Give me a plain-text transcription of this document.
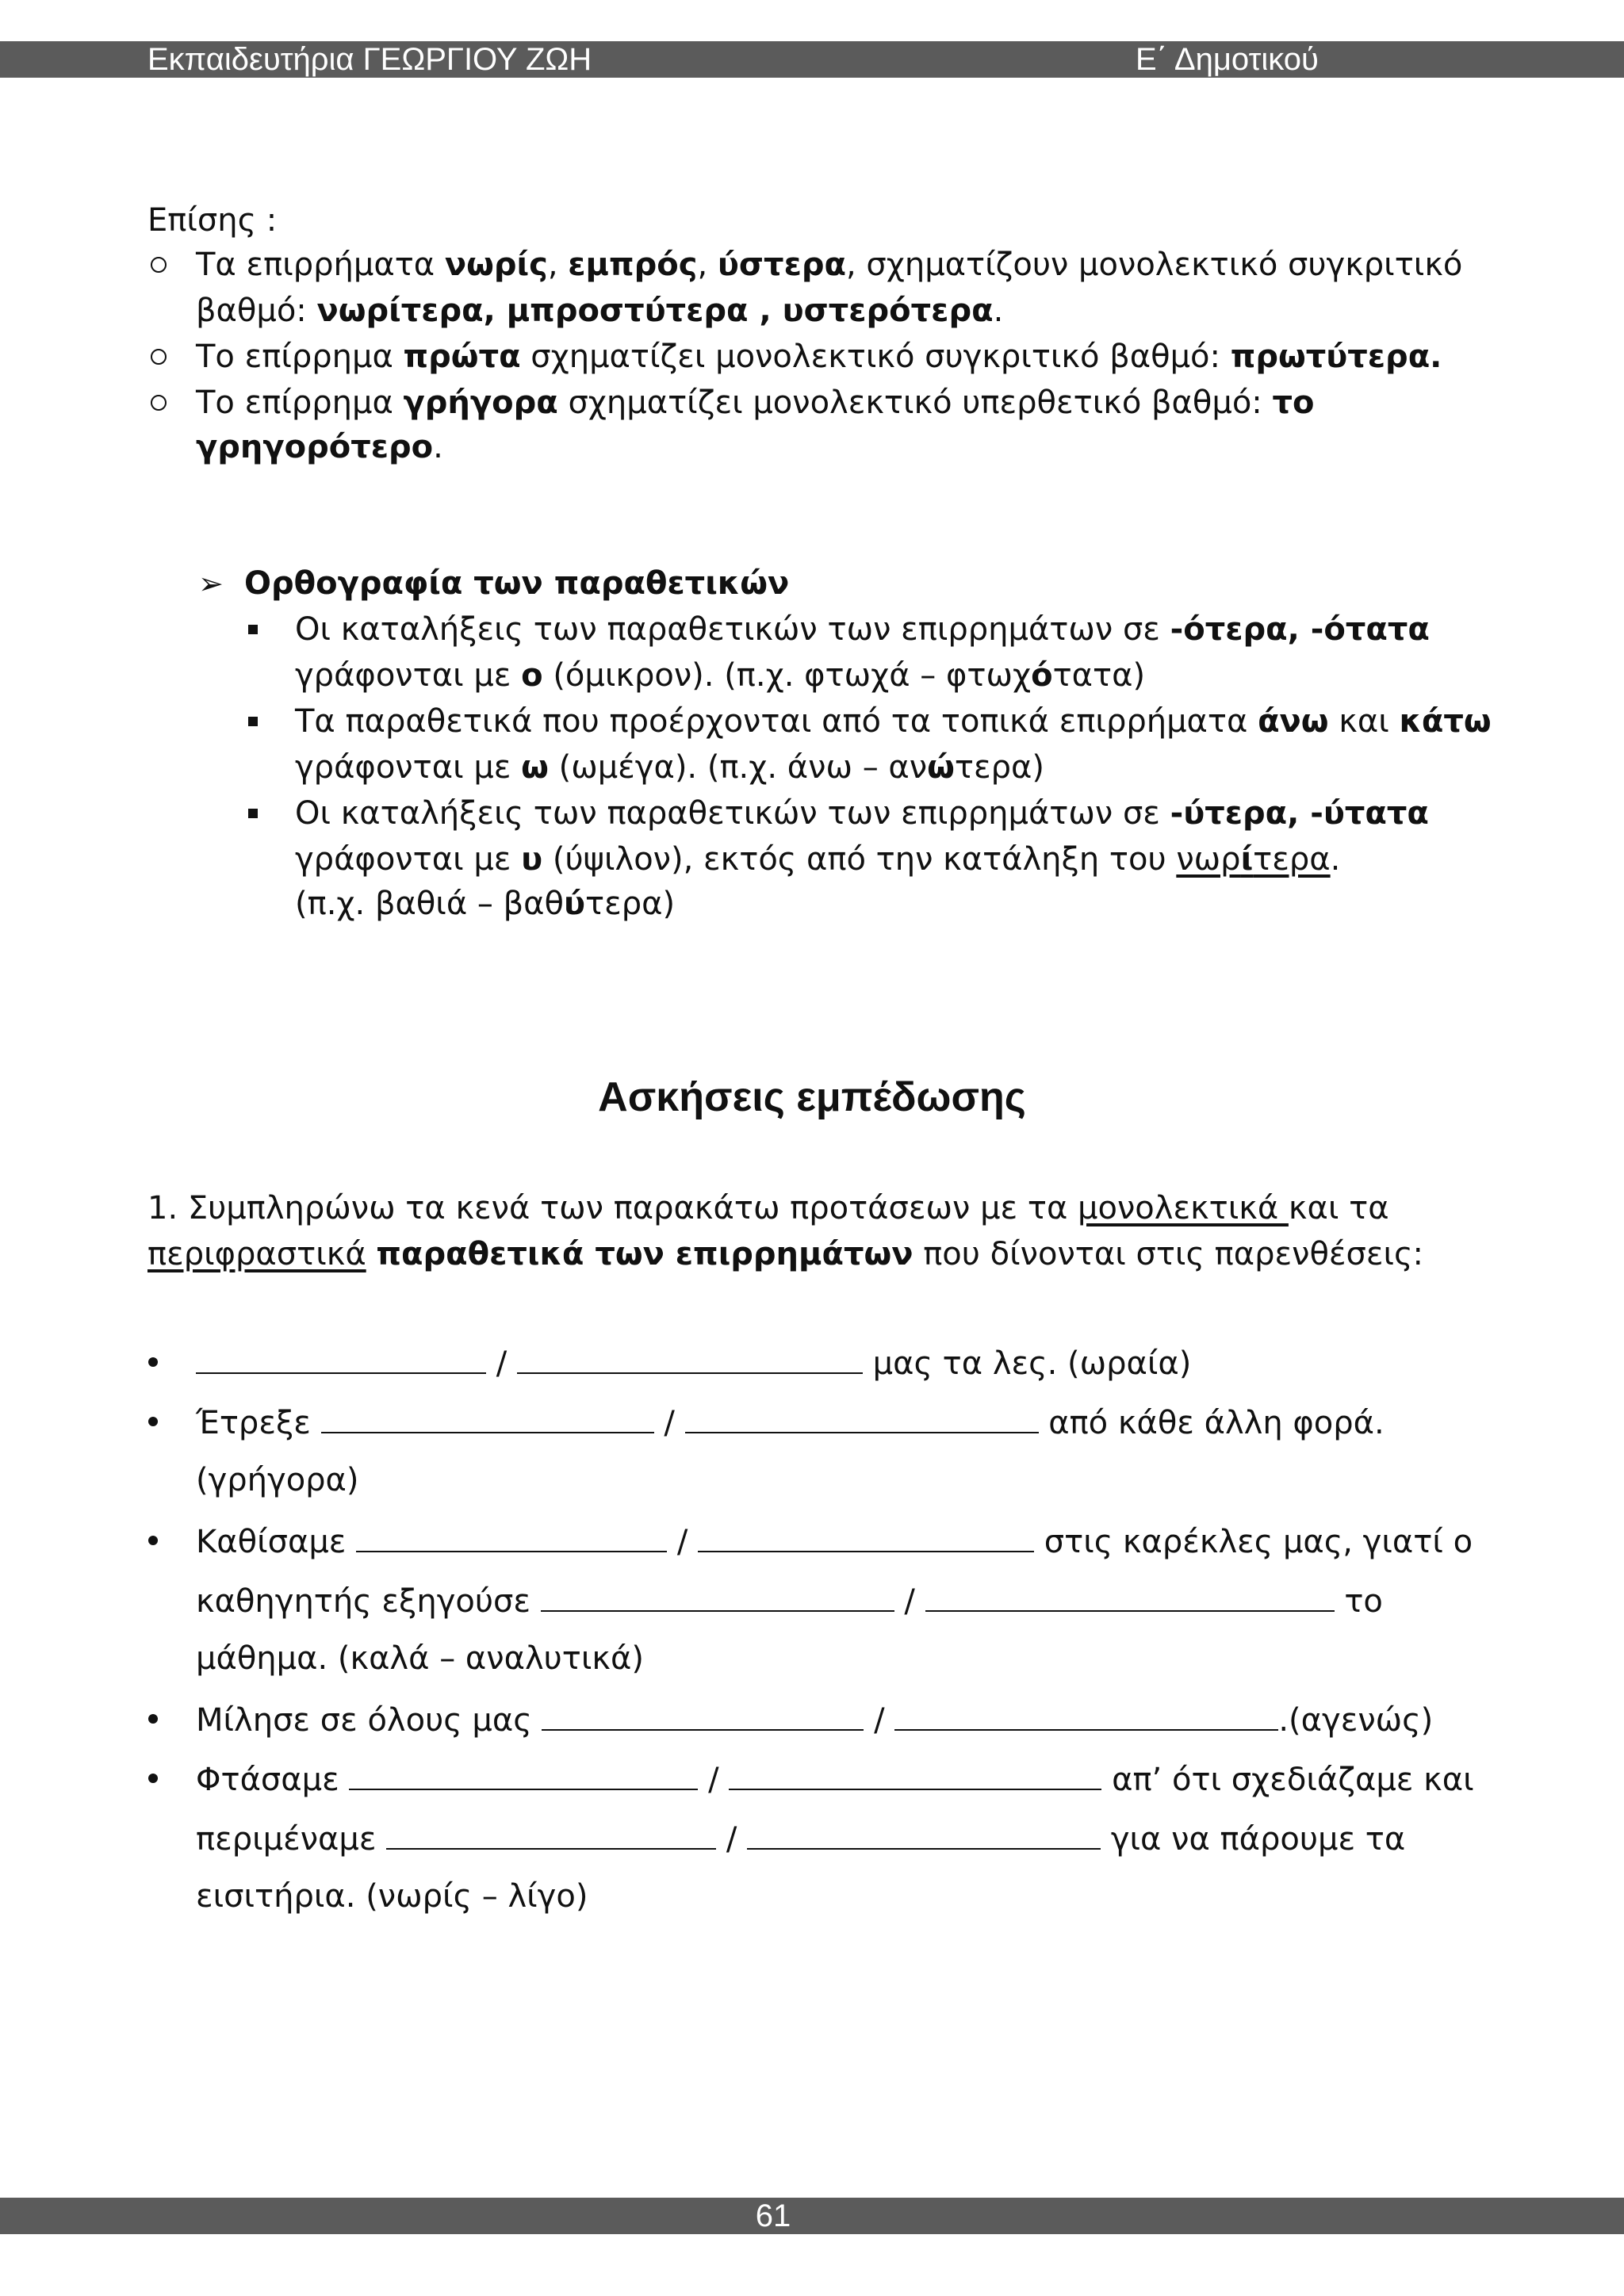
Εκπαιδευτήρια ΓΕΩΡΓΙΟΥ ΖΩΗ	Ε΄ Δημοτικού
Επίσης :
Τα επιρρήματα νωρίς, εμπρός, ύστερα, σχηματίζουν μονολεκτικό συγκριτικό
βαθμό: νωρίτερα, μπροστύτερα , υστερότερα.
Το επίρρημα πρώτα σχηματίζει μονολεκτικό συγκριτικό βαθμό: πρωτύτερα.
Το επίρρημα γρήγορα σχηματίζει μονολεκτικό υπερθετικό βαθμό: το
γρηγορότερο.
➢ Ορθογραφία των παραθετικών
Οι καταλήξεις των παραθετικών των επιρρημάτων σε -ότερα, -ότατα
γράφονται με ο (όμικρον). (π.χ. φτωχά – φτωχότατα)
Τα παραθετικά που προέρχονται από τα τοπικά επιρρήματα άνω και κάτω
γράφονται με ω (ωμέγα). (π.χ. άνω – ανώτερα)
Οι καταλήξεις των παραθετικών των επιρρημάτων σε -ύτερα, -ύτατα
γράφονται με υ (ύψιλον), εκτός από την κατάληξη του νωρίτερα.
(π.χ. βαθιά – βαθύτερα)
Ασκήσεις εμπέδωσης
1. Συμπληρώνω τα κενά των παρακάτω προτάσεων με τα μονολεκτικά και τα
περιφραστικά παραθετικά των επιρρημάτων που δίνονται στις παρενθέσεις:
/	μας τα λες. (ωραία)
Έτρεξε	/	από κάθε άλλη φορά.
(γρήγορα)
Καθίσαμε	/	στις καρέκλες μας, γιατί ο
καθηγητής εξηγούσε	/	το
μάθημα. (καλά – αναλυτικά)
Μίλησε σε όλους μας	/	.(αγενώς)
Φτάσαμε	/	απ’ ότι σχεδιάζαμε και
περιμέναμε	/	για να πάρουμε τα
εισιτήρια. (νωρίς – λίγο)
61
